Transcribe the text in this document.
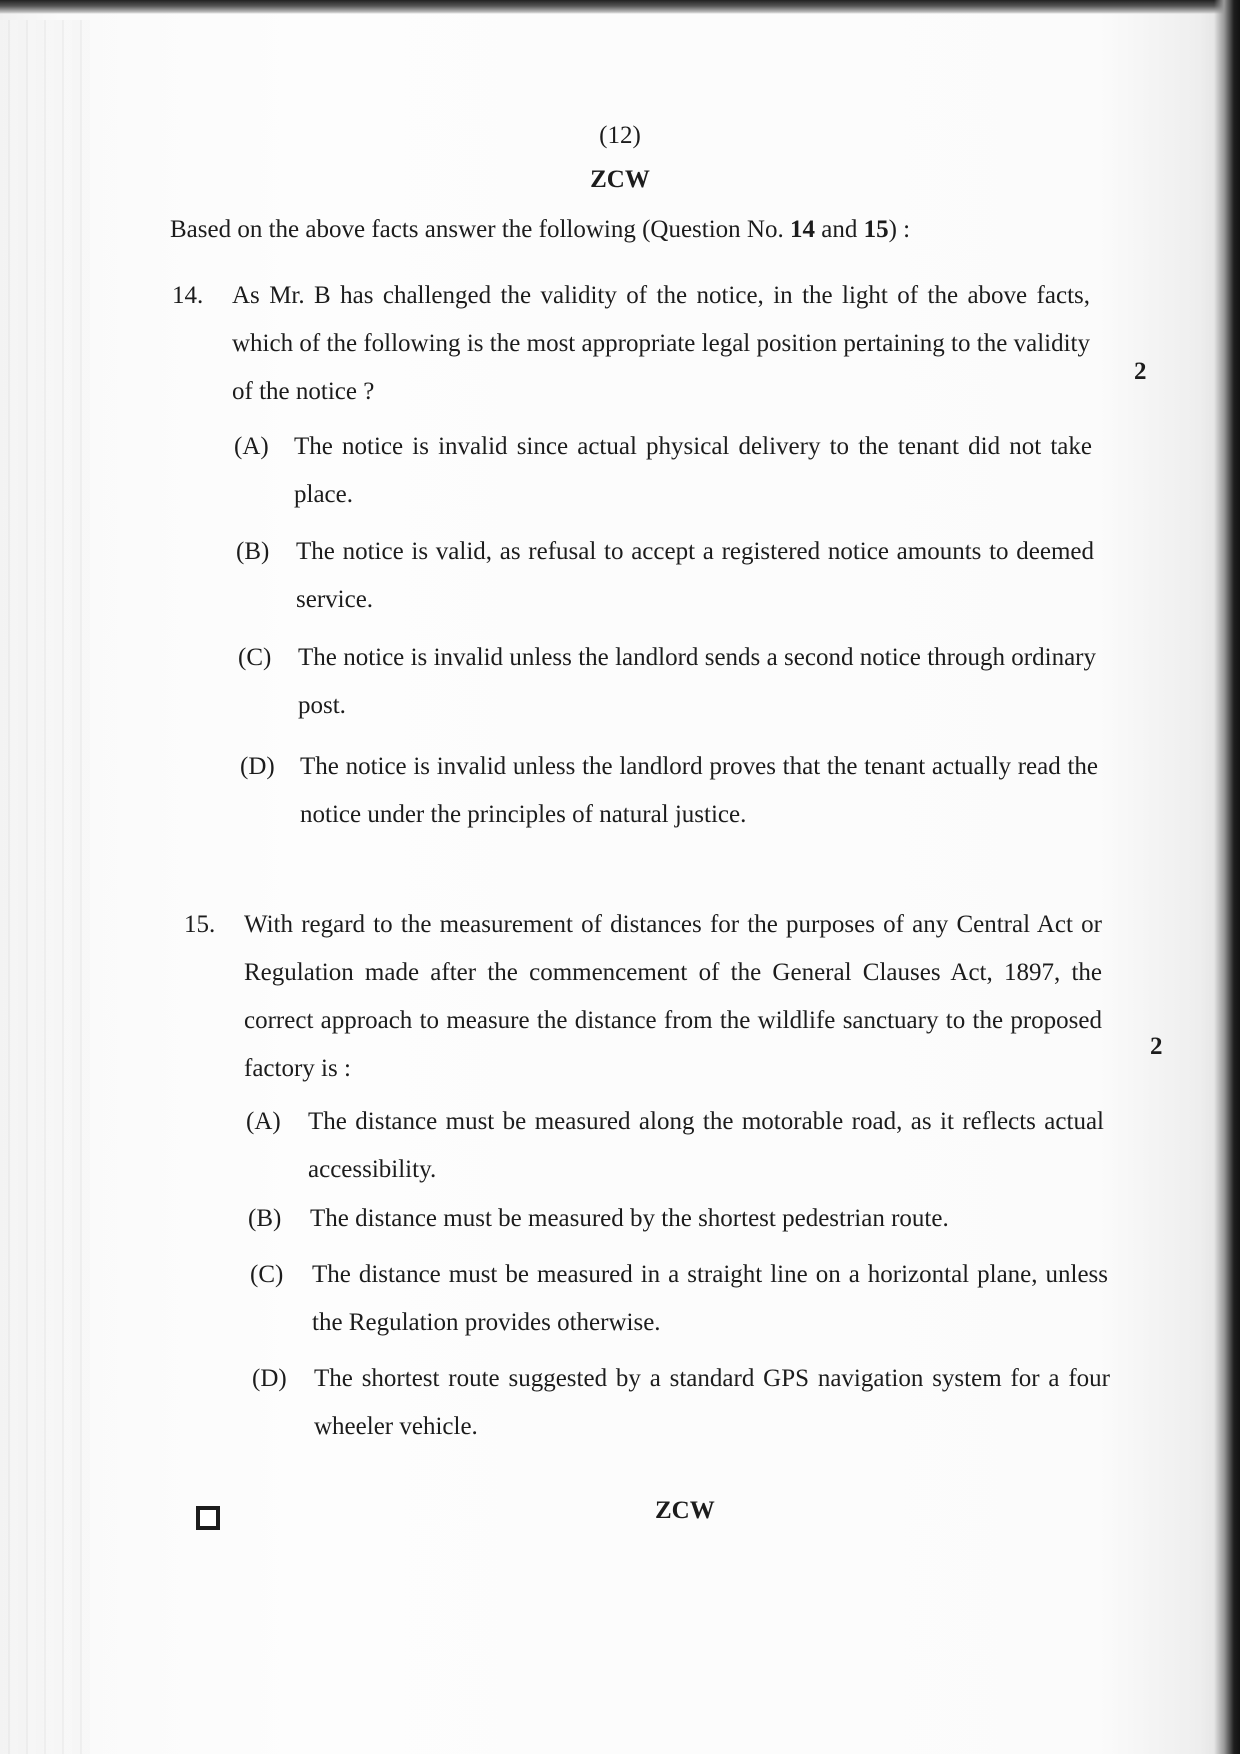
(12)
ZCW
Based on the above facts answer the following (Question No. 14 and 15) :
14. As Mr. B has challenged the validity of the notice, in the light of the above facts, which of the following is the most appropriate legal position pertaining to the validity of the notice ?
2
(A) The notice is invalid since actual physical delivery to the tenant did not take place.
(B) The notice is valid, as refusal to accept a registered notice amounts to deemed service.
(C) The notice is invalid unless the landlord sends a second notice through ordinary post.
(D) The notice is invalid unless the landlord proves that the tenant actually read the notice under the principles of natural justice.
15. With regard to the measurement of distances for the purposes of any Central Act or Regulation made after the commencement of the General Clauses Act, 1897, the correct approach to measure the distance from the wildlife sanctuary to the proposed factory is :
2
(A) The distance must be measured along the motorable road, as it reflects actual accessibility.
(B) The distance must be measured by the shortest pedestrian route.
(C) The distance must be measured in a straight line on a horizontal plane, unless the Regulation provides otherwise.
(D) The shortest route suggested by a standard GPS navigation system for a four wheeler vehicle.
ZCW
